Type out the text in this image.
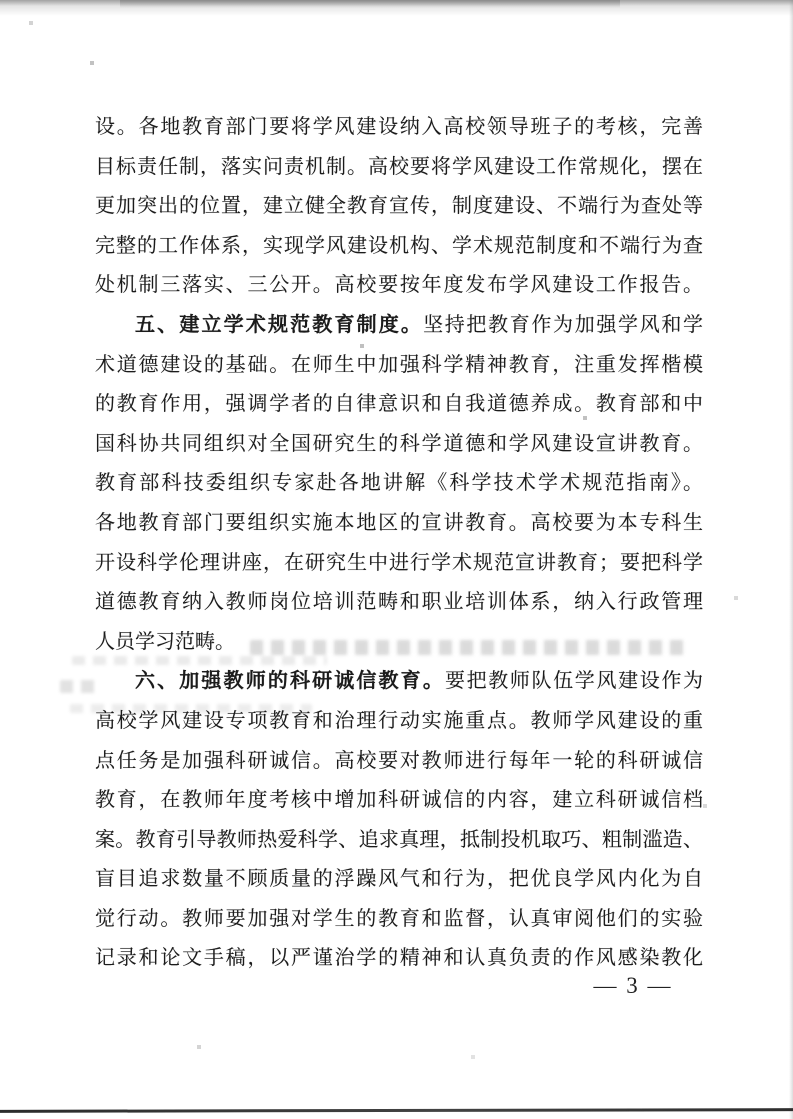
设。各地教育部门要将学风建设纳入高校领导班子的考核，完善
目标责任制，落实问责机制。高校要将学风建设工作常规化，摆在
更加突出的位置，建立健全教育宣传，制度建设、不端行为查处等
完整的工作体系，实现学风建设机构、学术规范制度和不端行为查
处机制三落实、三公开。高校要按年度发布学风建设工作报告。
五、建立学术规范教育制度。坚持把教育作为加强学风和学
术道德建设的基础。在师生中加强科学精神教育，注重发挥楷模
的教育作用，强调学者的自律意识和自我道德养成。教育部和中
国科协共同组织对全国研究生的科学道德和学风建设宣讲教育。
教育部科技委组织专家赴各地讲解《科学技术学术规范指南》。
各地教育部门要组织实施本地区的宣讲教育。高校要为本专科生
开设科学伦理讲座，在研究生中进行学术规范宣讲教育；要把科学
道德教育纳入教师岗位培训范畴和职业培训体系，纳入行政管理
人员学习范畴。
六、加强教师的科研诚信教育。要把教师队伍学风建设作为
高校学风建设专项教育和治理行动实施重点。教师学风建设的重
点任务是加强科研诚信。高校要对教师进行每年一轮的科研诚信
教育，在教师年度考核中增加科研诚信的内容，建立科研诚信档
案。教育引导教师热爱科学、追求真理，抵制投机取巧、粗制滥造、
盲目追求数量不顾质量的浮躁风气和行为，把优良学风内化为自
觉行动。教师要加强对学生的教育和监督，认真审阅他们的实验
记录和论文手稿，以严谨治学的精神和认真负责的作风感染教化
— 3 —
